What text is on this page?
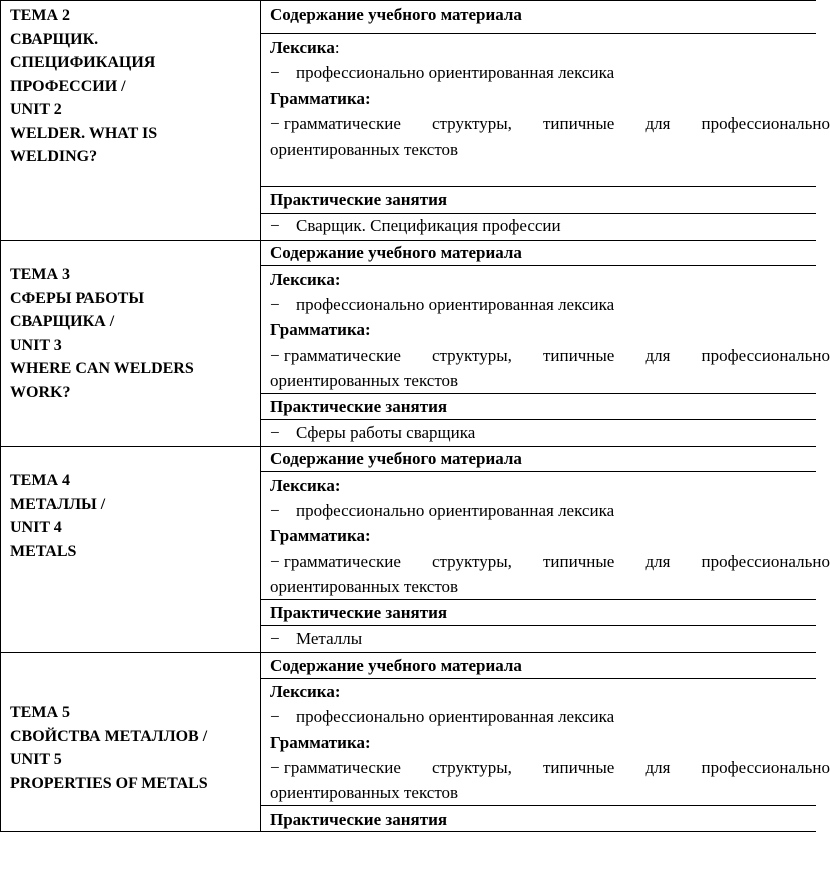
ТЕМА 2
СВАРЩИК.
СПЕЦИФИКАЦИЯ
ПРОФЕССИИ /
UNIT 2
WELDER. WHAT IS
WELDING?
Содержание учебного материала
Лексика:
− профессионально ориентированная лексика
Грамматика:
− грамматические структуры, типичные для профессионально
ориентированных текстов
Практические занятия
− Сварщик. Спецификация профессии
ТЕМА 3
СФЕРЫ РАБОТЫ
СВАРЩИКА /
UNIT 3
WHERE CAN WELDERS
WORK?
Содержание учебного материала
Лексика:
− профессионально ориентированная лексика
Грамматика:
− грамматические структуры, типичные для профессионально
ориентированных текстов
Практические занятия
− Сферы работы сварщика
ТЕМА 4
МЕТАЛЛЫ /
UNIT 4
METALS
Содержание учебного материала
Лексика:
− профессионально ориентированная лексика
Грамматика:
− грамматические структуры, типичные для профессионально
ориентированных текстов
Практические занятия
− Металлы
ТЕМА 5
СВОЙСТВА МЕТАЛЛОВ /
UNIT 5
PROPERTIES OF METALS
Содержание учебного материала
Лексика:
− профессионально ориентированная лексика
Грамматика:
− грамматические структуры, типичные для профессионально
ориентированных текстов
Практические занятия
